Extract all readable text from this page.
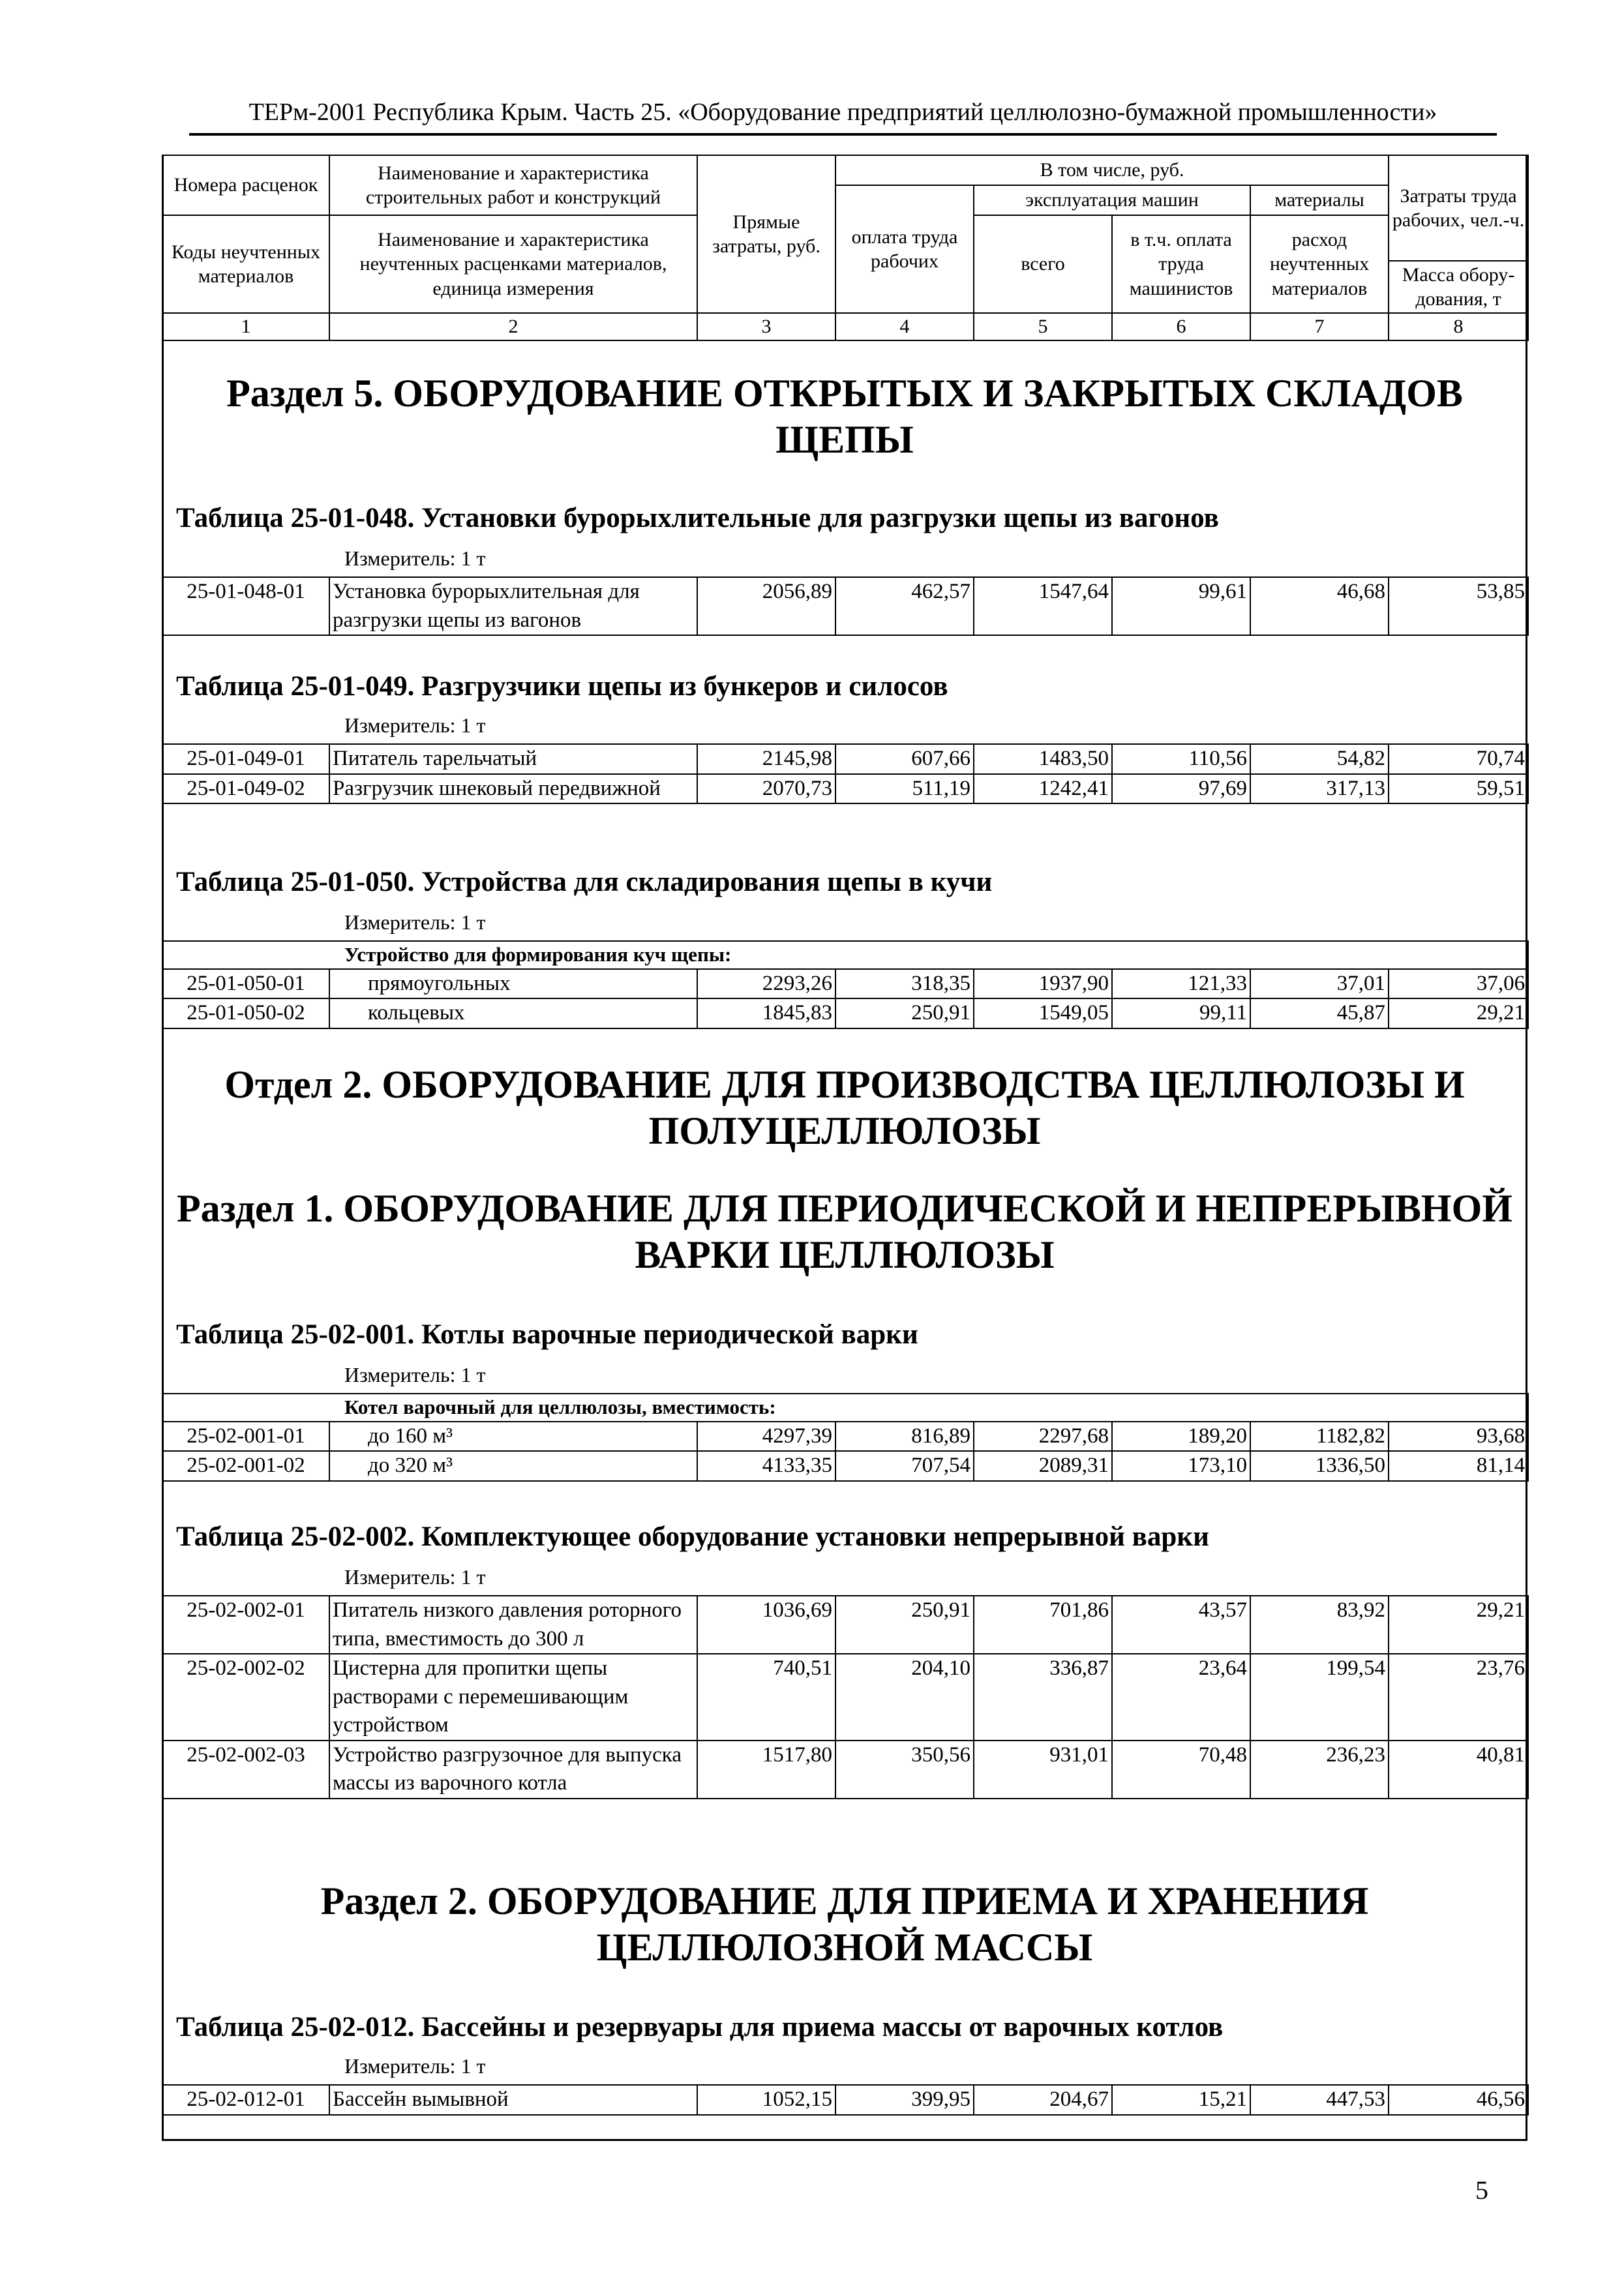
ТЕРм-2001 Республика Крым. Часть 25. «Оборудование предприятий целлюлозно-бумажной промышленности»
Номера расценок	Наименование и характеристика строительных работ и конструкций	Прямые затраты, руб.	В том числе, руб.				Затраты труда рабочих, чел.-ч.
			оплата труда рабочих	эксплуатация машин		материалы	
Коды неучтенных материалов	Наименование и характеристика неучтенных расценками материалов, единица измерения			всего	в т.ч. оплата труда машинистов	расход неучтенных материалов	
							Масса обору-дования, т
1	2	3	4	5	6	7	8
Раздел 5. ОБОРУДОВАНИЕ ОТКРЫТЫХ И ЗАКРЫТЫХ СКЛАДОВ ЩЕПЫ
Таблица 25-01-048. Установки бурорыхлительные для разгрузки щепы из вагонов
Измеритель: 1 т
25-01-048-01	Установка бурорыхлительная для разгрузки щепы из вагонов	2056,89	462,57	1547,64	99,61	46,68	53,85
Таблица 25-01-049. Разгрузчики щепы из бункеров и силосов
Измеритель: 1 т
25-01-049-01	Питатель тарельчатый	2145,98	607,66	1483,50	110,56	54,82	70,74
25-01-049-02	Разгрузчик шнековый передвижной	2070,73	511,19	1242,41	97,69	317,13	59,51
Таблица 25-01-050. Устройства для складирования щепы в кучи
Измеритель: 1 т
Устройство для формирования куч щепы:							
25-01-050-01	прямоугольных	2293,26	318,35	1937,90	121,33	37,01	37,06
25-01-050-02	кольцевых	1845,83	250,91	1549,05	99,11	45,87	29,21
Отдел 2. ОБОРУДОВАНИЕ ДЛЯ ПРОИЗВОДСТВА ЦЕЛЛЮЛОЗЫ И ПОЛУЦЕЛЛЮЛОЗЫ
Раздел 1. ОБОРУДОВАНИЕ ДЛЯ ПЕРИОДИЧЕСКОЙ И НЕПРЕРЫВНОЙ ВАРКИ ЦЕЛЛЮЛОЗЫ
Таблица 25-02-001. Котлы варочные периодической варки
Измеритель: 1 т
Котел варочный для целлюлозы, вместимость:							
25-02-001-01	до 160 м³	4297,39	816,89	2297,68	189,20	1182,82	93,68
25-02-001-02	до 320 м³	4133,35	707,54	2089,31	173,10	1336,50	81,14
Таблица 25-02-002. Комплектующее оборудование установки непрерывной варки
Измеритель: 1 т
25-02-002-01	Питатель низкого давления роторного типа, вместимость до 300 л	1036,69	250,91	701,86	43,57	83,92	29,21
25-02-002-02	Цистерна для пропитки щепы растворами с перемешивающим устройством	740,51	204,10	336,87	23,64	199,54	23,76
25-02-002-03	Устройство разгрузочное для выпуска массы из варочного котла	1517,80	350,56	931,01	70,48	236,23	40,81
Раздел 2. ОБОРУДОВАНИЕ ДЛЯ ПРИЕМА И ХРАНЕНИЯ ЦЕЛЛЮЛОЗНОЙ МАССЫ
Таблица 25-02-012. Бассейны и резервуары для приема массы от варочных котлов
Измеритель: 1 т
25-02-012-01	Бассейн вымывной	1052,15	399,95	204,67	15,21	447,53	46,56
5
